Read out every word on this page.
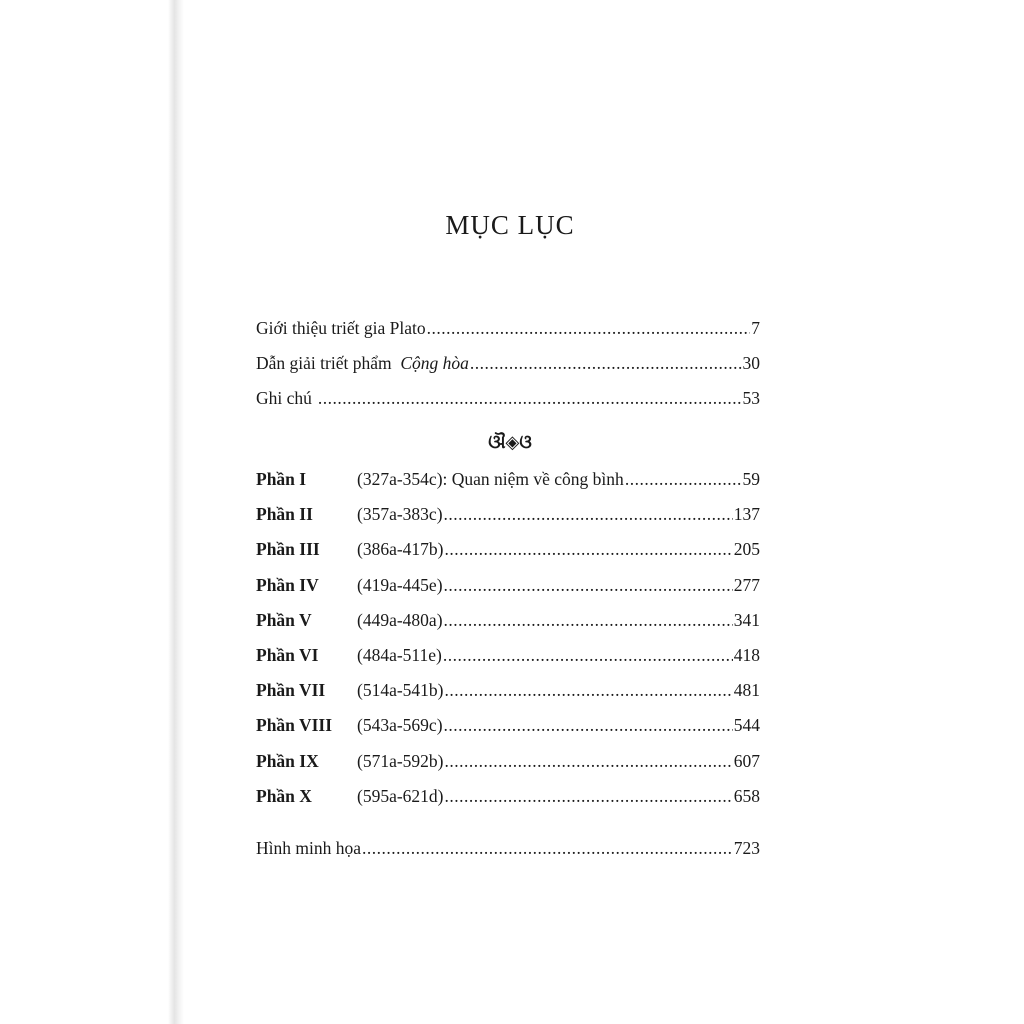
MỤC LỤC
Giới thiệu triết gia Plato .....	7
Dẫn giải triết phẩm  Cộng hòa .....	30
Ghi chú .....	53
ଔ◈ଓ
Phần I	(327a-354c): Quan niệm về công bình .....	59
Phần II	(357a-383c) .....	137
Phần III	(386a-417b) .....	205
Phần IV	(419a-445e) .....	277
Phần V	(449a-480a) .....	341
Phần VI	(484a-511e) .....	418
Phần VII	(514a-541b) .....	481
Phần VIII	(543a-569c) .....	544
Phần IX	(571a-592b) .....	607
Phần X	(595a-621d) .....	658
Hình minh họa .....	723
